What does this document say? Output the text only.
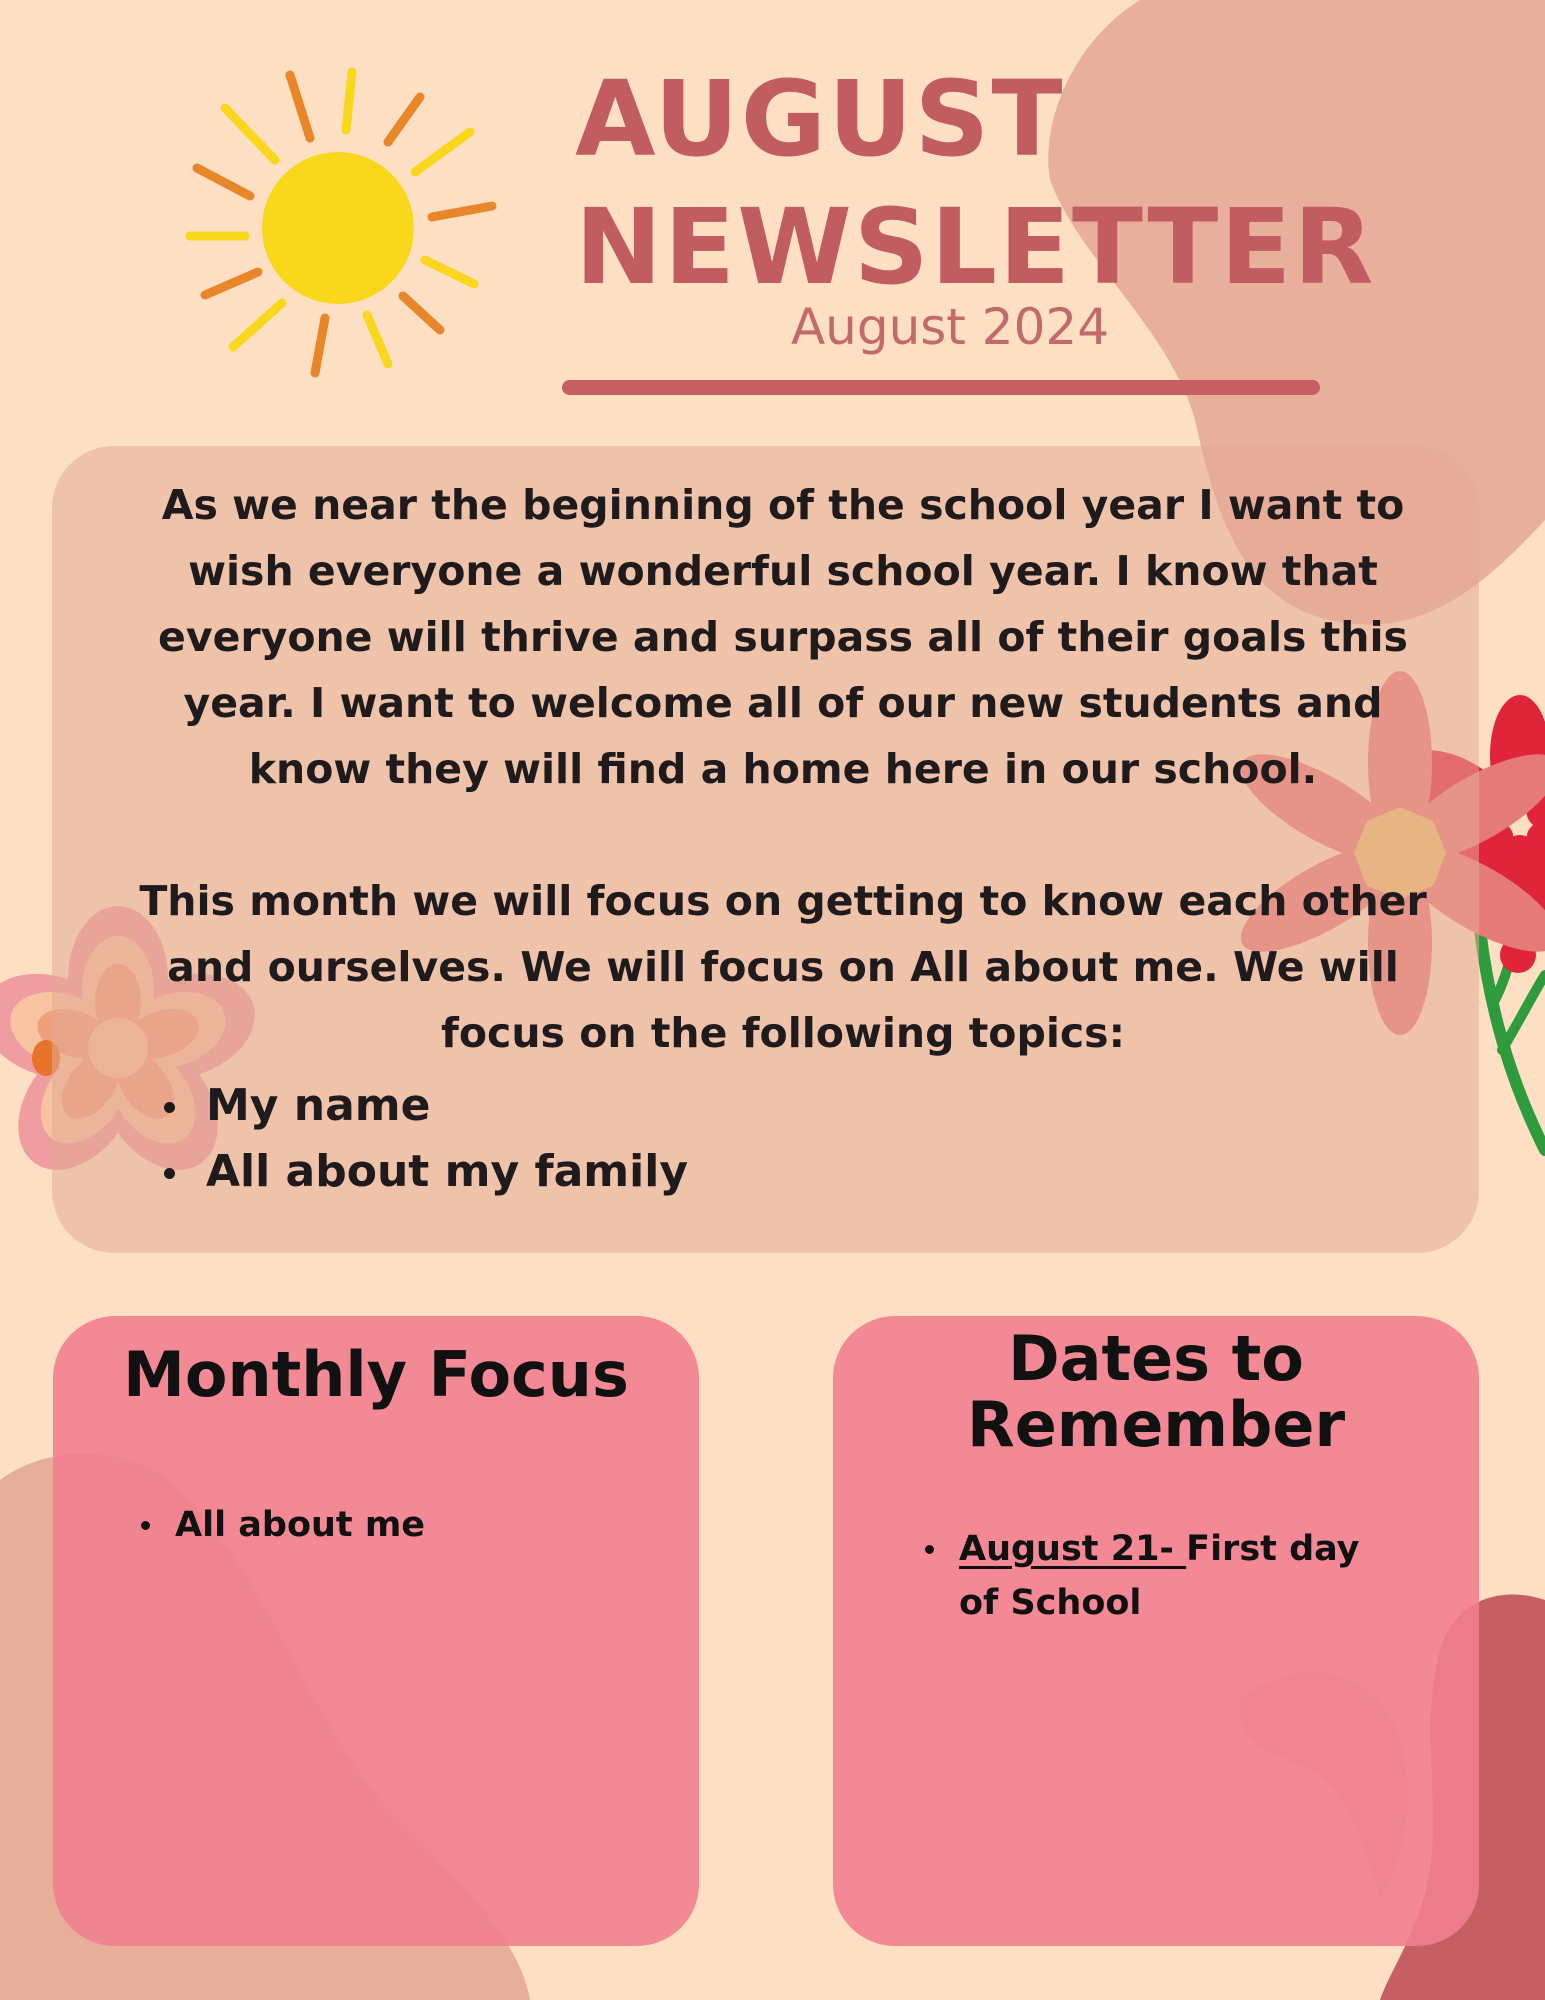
AUGUST
NEWSLETTER

August 2024

As we near the beginning of the school year I want to wish everyone a wonderful school year. I know that everyone will thrive and surpass all of their goals this year. I want to welcome all of our new students and know they will find a home here in our school.

This month we will focus on getting to know each other and ourselves. We will focus on All about me. We will focus on the following topics:

My name
All about my family
Monthly Focus
All about me
Dates to
Remember
August 21- First day of School
